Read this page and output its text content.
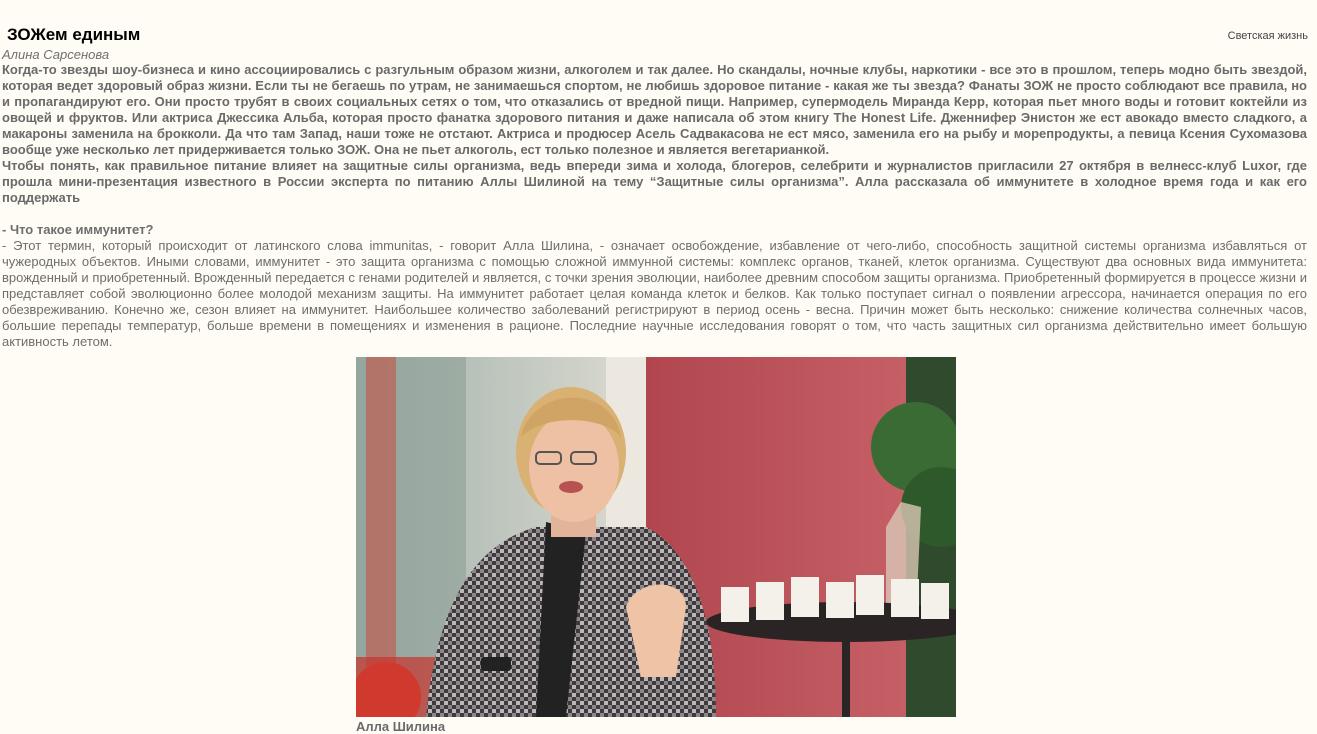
ЗОЖем единым	Светская жизнь
Алина Сарсенова

Когда-то звезды шоу-бизнеса и кино ассоциировались с разгульным образом жизни, алкоголем и так далее. Но скандалы, ночные клубы, наркотики - все это в прошлом, теперь модно быть звездой, которая ведет здоровый образ жизни. Если ты не бегаешь по утрам, не занимаешься спортом, не любишь здоровое питание - какая же ты звезда? Фанаты ЗОЖ не просто соблюдают все правила, но и пропагандируют его. Они просто трубят в своих социальных сетях о том, что отказались от вредной пищи. Например, супермодель Миранда Керр, которая пьет много воды и готовит коктейли из овощей и фруктов. Или актриса Джессика Альба, которая просто фанатка здорового питания и даже написала об этом книгу The Honest Life. Дженнифер Энистон же ест авокадо вместо сладкого, а макароны заменила на брокколи. Да что там Запад, наши тоже не отстают. Актриса и продюсер Асель Садвакасова не ест мясо, заменила его на рыбу и морепродукты, а певица Ксения Сухомазова вообще уже несколько лет придерживается только ЗОЖ. Она не пьет алкоголь, ест только полезное и является вегетарианкой.

Чтобы понять, как правильное питание влияет на защитные силы организма, ведь впереди зима и холода, блогеров, селебрити и журналистов пригласили 27 октября в велнесс-клуб Luxor, где прошла мини-презентация известного в России эксперта по питанию Аллы Шилиной на тему “Защитные силы организма”. Алла рассказала об иммунитете в холодное время года и как его поддержать

- Что такое иммунитет?

- Этот термин, который происходит от латинского слова immunitas, - говорит Алла Шилина, - означает освобождение, избавление от чего-либо, способность защитной системы организма избавляться от чужеродных объектов. Иными словами, иммунитет - это защита организма с помощью сложной иммунной системы: комплекс органов, тканей, клеток организма. Существуют два основных вида иммунитета: врожденный и приобретенный. Врожденный передается с генами родителей и является, с точки зрения эволюции, наиболее древним способом защиты организма. Приобретенный формируется в процессе жизни и представляет собой эволюционно более молодой механизм защиты. На иммунитет работает целая команда клеток и белков. Как только поступает сигнал о появлении агрессора, начинается операция по его обезвреживанию. Конечно же, сезон влияет на иммунитет. Наибольшее количество заболеваний регистрируют в период осень - весна. Причин может быть несколько: снижение количества солнечных часов, большие перепады температур, больше времени в помещениях и изменения в рационе. Последние научные исследования говорят о том, что часть защитных сил организма действительно имеет большую активность летом.

Алла Шилина
